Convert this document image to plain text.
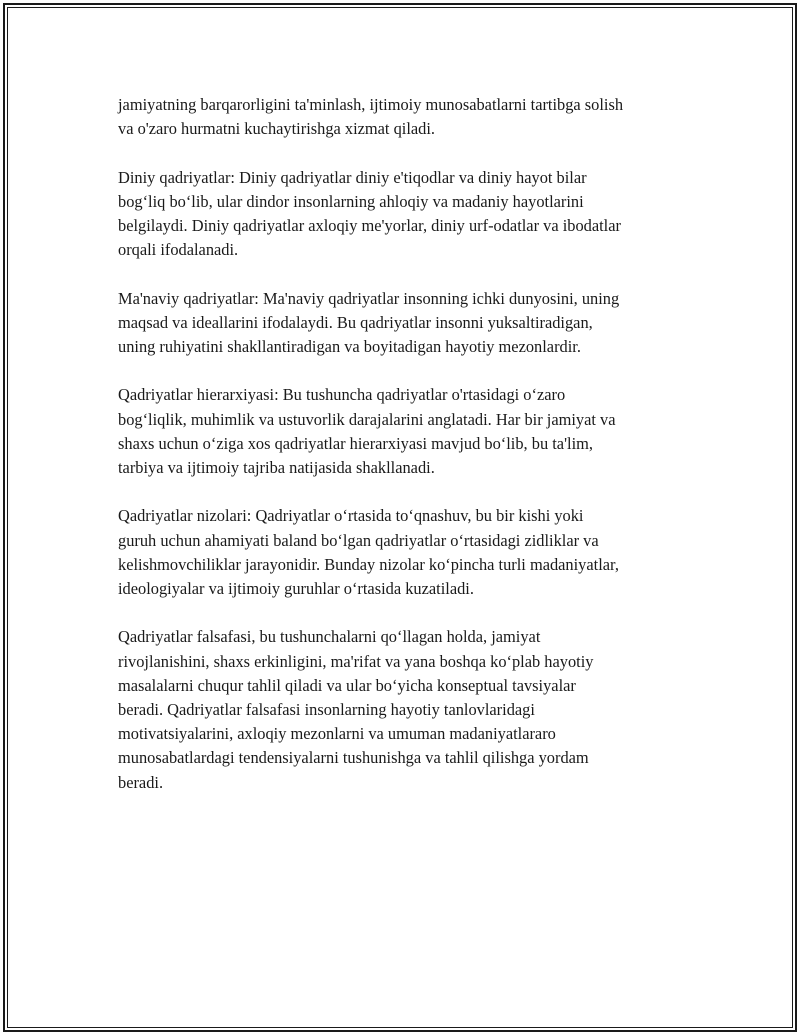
jamiyatning barqarorligini ta'minlash, ijtimoiy munosabatlarni tartibga solish
va o'zaro hurmatni kuchaytirishga xizmat qiladi.

Diniy qadriyatlar: Diniy qadriyatlar diniy e'tiqodlar va diniy hayot bilar
bog‘liq bo‘lib, ular dindor insonlarning ahloqiy va madaniy hayotlarini
belgilaydi. Diniy qadriyatlar axloqiy me'yorlar, diniy urf-odatlar va ibodatlar
orqali ifodalanadi.

Ma'naviy qadriyatlar: Ma'naviy qadriyatlar insonning ichki dunyosini, uning
maqsad va ideallarini ifodalaydi. Bu qadriyatlar insonni yuksaltiradigan,
uning ruhiyatini shakllantiradigan va boyitadigan hayotiy mezonlardir.

Qadriyatlar hierarxiyasi: Bu tushuncha qadriyatlar o'rtasidagi o‘zaro
bog‘liqlik, muhimlik va ustuvorlik darajalarini anglatadi. Har bir jamiyat va
shaxs uchun o‘ziga xos qadriyatlar hierarxiyasi mavjud bo‘lib, bu ta'lim,
tarbiya va ijtimoiy tajriba natijasida shakllanadi.

Qadriyatlar nizolari: Qadriyatlar o‘rtasida to‘qnashuv, bu bir kishi yoki
guruh uchun ahamiyati baland bo‘lgan qadriyatlar o‘rtasidagi zidliklar va
kelishmovchiliklar jarayonidir. Bunday nizolar ko‘pincha turli madaniyatlar,
ideologiyalar va ijtimoiy guruhlar o‘rtasida kuzatiladi.

Qadriyatlar falsafasi, bu tushunchalarni qo‘llagan holda, jamiyat
rivojlanishini, shaxs erkinligini, ma'rifat va yana boshqa ko‘plab hayotiy
masalalarni chuqur tahlil qiladi va ular bo‘yicha konseptual tavsiyalar
beradi. Qadriyatlar falsafasi insonlarning hayotiy tanlovlaridagi
motivatsiyalarini, axloqiy mezonlarni va umuman madaniyatlararo
munosabatlardagi tendensiyalarni tushunishga va tahlil qilishga yordam
beradi.
